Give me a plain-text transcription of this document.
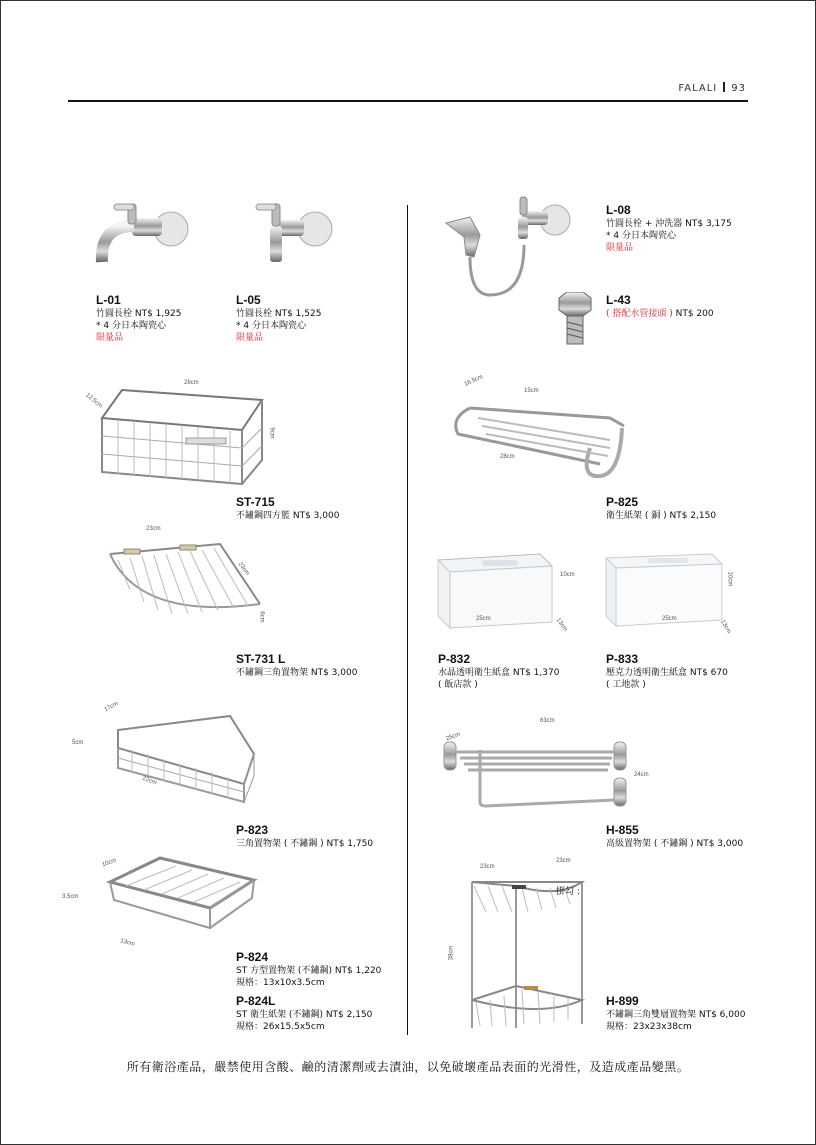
FALALI 93
L-01
竹圓長栓 NT$ 1,925
* 4 分日本陶瓷心
限量品
L-05
竹圓長栓 NT$ 1,525
* 4 分日本陶瓷心
限量品
L-08
竹圓長栓 + 沖洗器 NT$ 3,175
* 4 分日本陶瓷心
限量品
L-43
( 搭配水管接頭 ) NT$ 200
12.5cm
28cm
9cm
ST-715
不鏽鋼四方籃 NT$ 3,000
16.5cm
15cm
28cm
P-825
衛生紙架 ( 銅 ) NT$ 2,150
23cm
23cm
6cm
ST-731 L
不鏽鋼三角置物架 NT$ 3,000
10cm
25cm	13cm
P-832
水晶透明衛生紙盒 NT$ 1,370
( 飯店款 )
10cm
25cm
13cm
P-833
壓克力透明衛生紙盒 NT$ 670
( 工地款 )
17cm
5cm
22cm
P-823
三角置物架 ( 不鏽鋼 ) NT$ 1,750
63cm
25cm
24cm
H-855
高級置物架 ( 不鏽鋼 ) NT$ 3,000
10cm
3.5cm
13cm
P-824
ST 方型置物架 (不鏽鋼) NT$ 1,220
規格：13x10x3.5cm
P-824L
ST 衛生紙架 (不鏽鋼) NT$ 2,150
規格：26x15.5x5cm
23cm
23cm
38cm
掛勾 :
H-899
不鏽鋼三角雙層置物架 NT$ 6,000
規格：23x23x38cm
所有衛浴產品，嚴禁使用含酸、鹼的清潔劑或去漬油，以免破壞產品表面的光滑性，及造成產品變黑。
